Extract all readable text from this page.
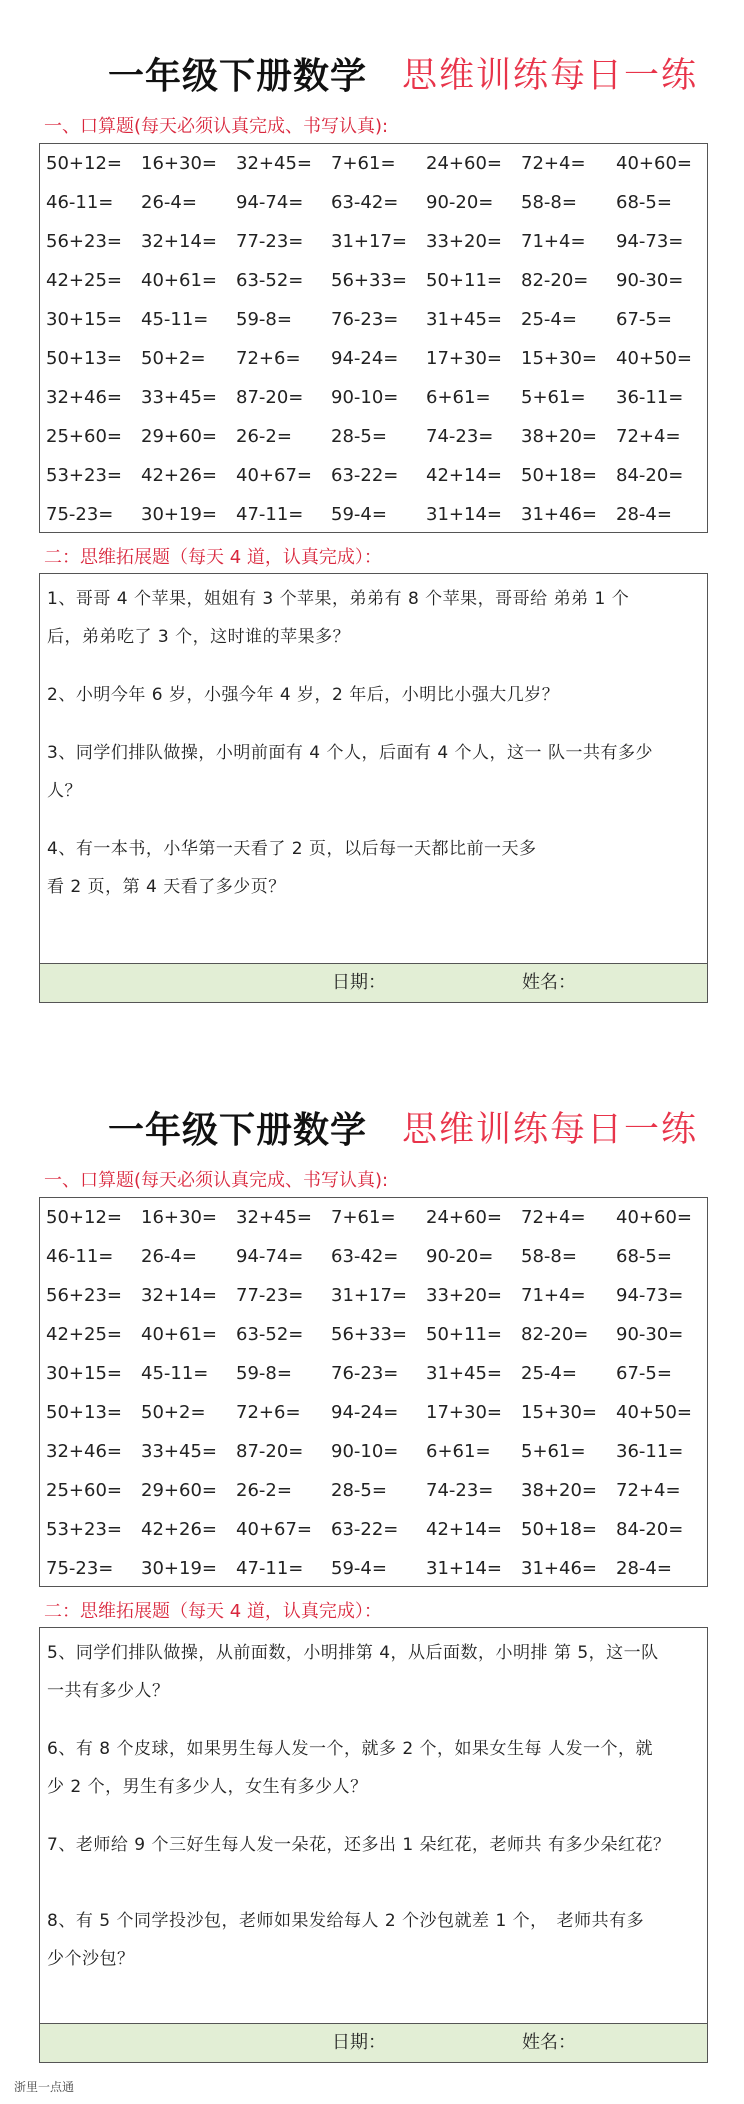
一年级下册数学 思维训练每日一练
一、口算题(每天必须认真完成、书写认真):
50+12= 16+30= 32+45= 7+61= 24+60= 72+4= 40+60=
46-11= 26-4= 94-74= 63-42= 90-20= 58-8= 68-5=
56+23= 32+14= 77-23= 31+17= 33+20= 71+4= 94-73=
42+25= 40+61= 63-52= 56+33= 50+11= 82-20= 90-30=
30+15= 45-11= 59-8= 76-23= 31+45= 25-4= 67-5=
50+13= 50+2= 72+6= 94-24= 17+30= 15+30= 40+50=
32+46= 33+45= 87-20= 90-10= 6+61= 5+61= 36-11=
25+60= 29+60= 26-2= 28-5= 74-23= 38+20= 72+4=
53+23= 42+26= 40+67= 63-22= 42+14= 50+18= 84-20=
75-23= 30+19= 47-11= 59-4= 31+14= 31+46= 28-4=
二：思维拓展题（每天 4 道，认真完成）：
1、哥哥 4 个苹果，姐姐有 3 个苹果，弟弟有 8 个苹果，哥哥给 弟弟 1 个
后，弟弟吃了 3 个，这时谁的苹果多？
2、小明今年 6 岁，小强今年 4 岁，2 年后，小明比小强大几岁？
3、同学们排队做操，小明前面有 4 个人，后面有 4 个人，这一 队一共有多少
人？
4、有一本书，小华第一天看了 2 页，以后每一天都比前一天多
看 2 页，第 4 天看了多少页？
日期：	姓名：
一年级下册数学 思维训练每日一练
一、口算题(每天必须认真完成、书写认真):
50+12= 16+30= 32+45= 7+61= 24+60= 72+4= 40+60=
46-11= 26-4= 94-74= 63-42= 90-20= 58-8= 68-5=
56+23= 32+14= 77-23= 31+17= 33+20= 71+4= 94-73=
42+25= 40+61= 63-52= 56+33= 50+11= 82-20= 90-30=
30+15= 45-11= 59-8= 76-23= 31+45= 25-4= 67-5=
50+13= 50+2= 72+6= 94-24= 17+30= 15+30= 40+50=
32+46= 33+45= 87-20= 90-10= 6+61= 5+61= 36-11=
25+60= 29+60= 26-2= 28-5= 74-23= 38+20= 72+4=
53+23= 42+26= 40+67= 63-22= 42+14= 50+18= 84-20=
75-23= 30+19= 47-11= 59-4= 31+14= 31+46= 28-4=
二：思维拓展题（每天 4 道，认真完成）：
5、同学们排队做操，从前面数，小明排第 4，从后面数，小明排 第 5，这一队
一共有多少人？
6、有 8 个皮球，如果男生每人发一个，就多 2 个，如果女生每 人发一个，就
少 2 个，男生有多少人，女生有多少人？
7、老师给 9 个三好生每人发一朵花，还多出 1 朵红花，老师共 有多少朵红花？
8、有 5 个同学投沙包，老师如果发给每人 2 个沙包就差 1 个，　老师共有多
少个沙包？
日期：	姓名：
浙里一点通
